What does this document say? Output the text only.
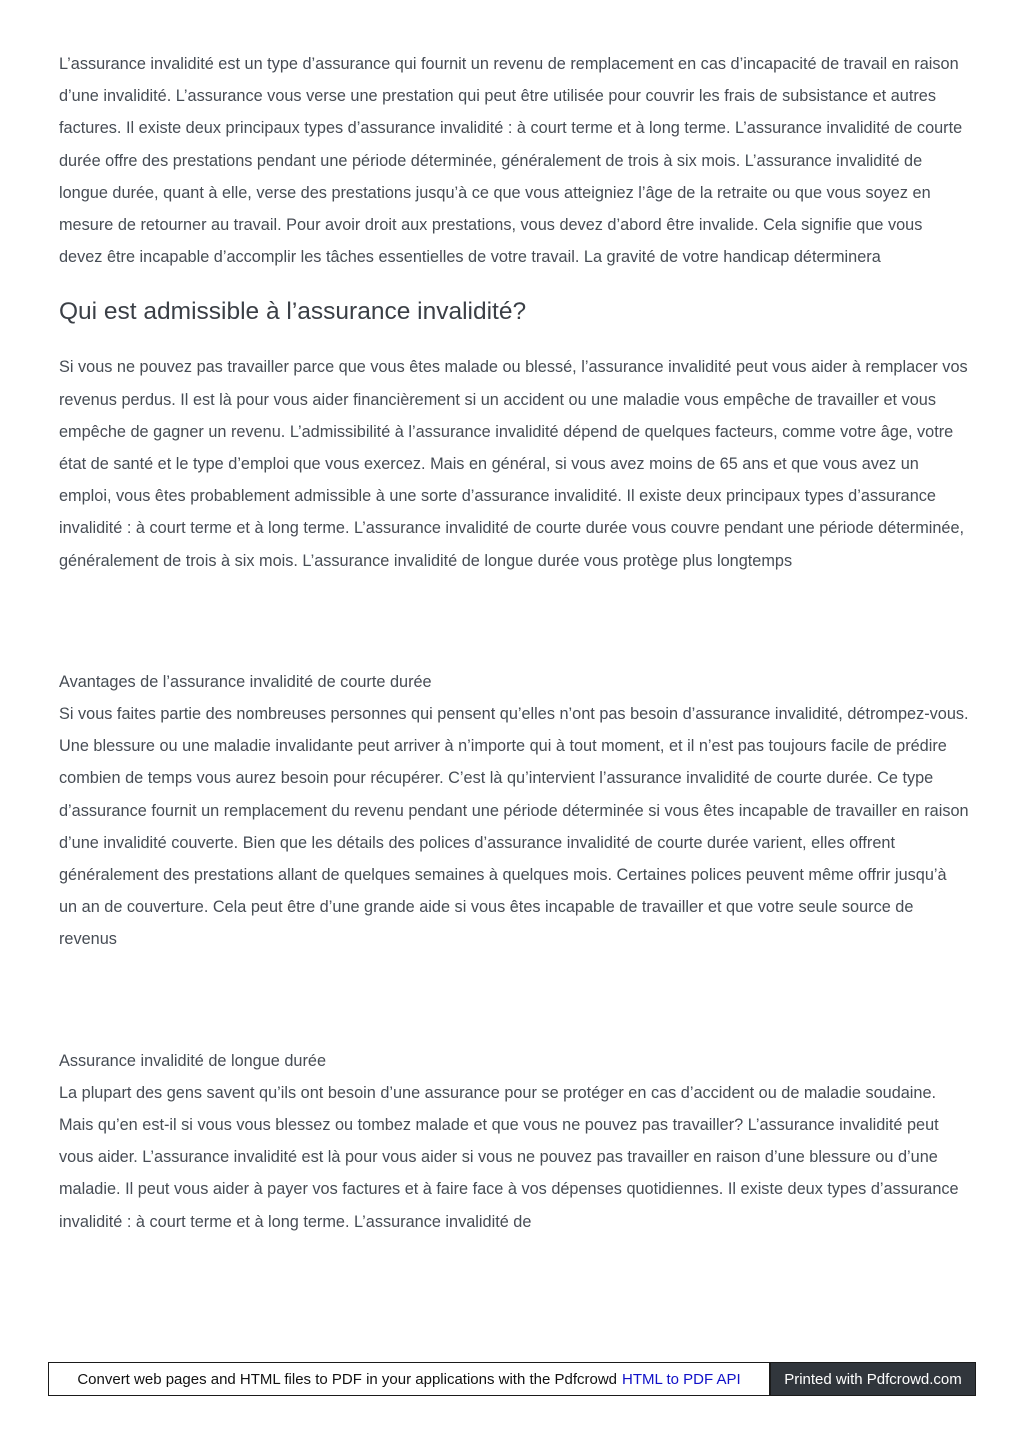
L’assurance invalidité est un type d’assurance qui fournit un revenu de remplacement en cas d’incapacité de travail en raison d’une invalidité. L’assurance vous verse une prestation qui peut être utilisée pour couvrir les frais de subsistance et autres factures. Il existe deux principaux types d’assurance invalidité : à court terme et à long terme. L’assurance invalidité de courte durée offre des prestations pendant une période déterminée, généralement de trois à six mois. L’assurance invalidité de longue durée, quant à elle, verse des prestations jusqu’à ce que vous atteigniez l’âge de la retraite ou que vous soyez en mesure de retourner au travail. Pour avoir droit aux prestations, vous devez d’abord être invalide. Cela signifie que vous devez être incapable d’accomplir les tâches essentielles de votre travail. La gravité de votre handicap déterminera

Qui est admissible à l’assurance invalidité?

Si vous ne pouvez pas travailler parce que vous êtes malade ou blessé, l’assurance invalidité peut vous aider à remplacer vos revenus perdus. Il est là pour vous aider financièrement si un accident ou une maladie vous empêche de travailler et vous empêche de gagner un revenu. L’admissibilité à l’assurance invalidité dépend de quelques facteurs, comme votre âge, votre état de santé et le type d’emploi que vous exercez. Mais en général, si vous avez moins de 65 ans et que vous avez un emploi, vous êtes probablement admissible à une sorte d’assurance invalidité. Il existe deux principaux types d’assurance invalidité : à court terme et à long terme. L’assurance invalidité de courte durée vous couvre pendant une période déterminée, généralement de trois à six mois. L’assurance invalidité de longue durée vous protège plus longtemps

Avantages de l’assurance invalidité de courte durée

Si vous faites partie des nombreuses personnes qui pensent qu’elles n’ont pas besoin d’assurance invalidité, détrompez-vous. Une blessure ou une maladie invalidante peut arriver à n’importe qui à tout moment, et il n’est pas toujours facile de prédire combien de temps vous aurez besoin pour récupérer. C’est là qu’intervient l’assurance invalidité de courte durée. Ce type d’assurance fournit un remplacement du revenu pendant une période déterminée si vous êtes incapable de travailler en raison d’une invalidité couverte. Bien que les détails des polices d’assurance invalidité de courte durée varient, elles offrent généralement des prestations allant de quelques semaines à quelques mois. Certaines polices peuvent même offrir jusqu’à un an de couverture. Cela peut être d’une grande aide si vous êtes incapable de travailler et que votre seule source de revenus

Assurance invalidité de longue durée

La plupart des gens savent qu’ils ont besoin d’une assurance pour se protéger en cas d’accident ou de maladie soudaine. Mais qu’en est-il si vous vous blessez ou tombez malade et que vous ne pouvez pas travailler? L’assurance invalidité peut vous aider. L’assurance invalidité est là pour vous aider si vous ne pouvez pas travailler en raison d’une blessure ou d’une maladie. Il peut vous aider à payer vos factures et à faire face à vos dépenses quotidiennes. Il existe deux types d’assurance invalidité : à court terme et à long terme. L’assurance invalidité de

Convert web pages and HTML files to PDF in your applications with the Pdfcrowd HTML to PDF API	Printed with Pdfcrowd.com
